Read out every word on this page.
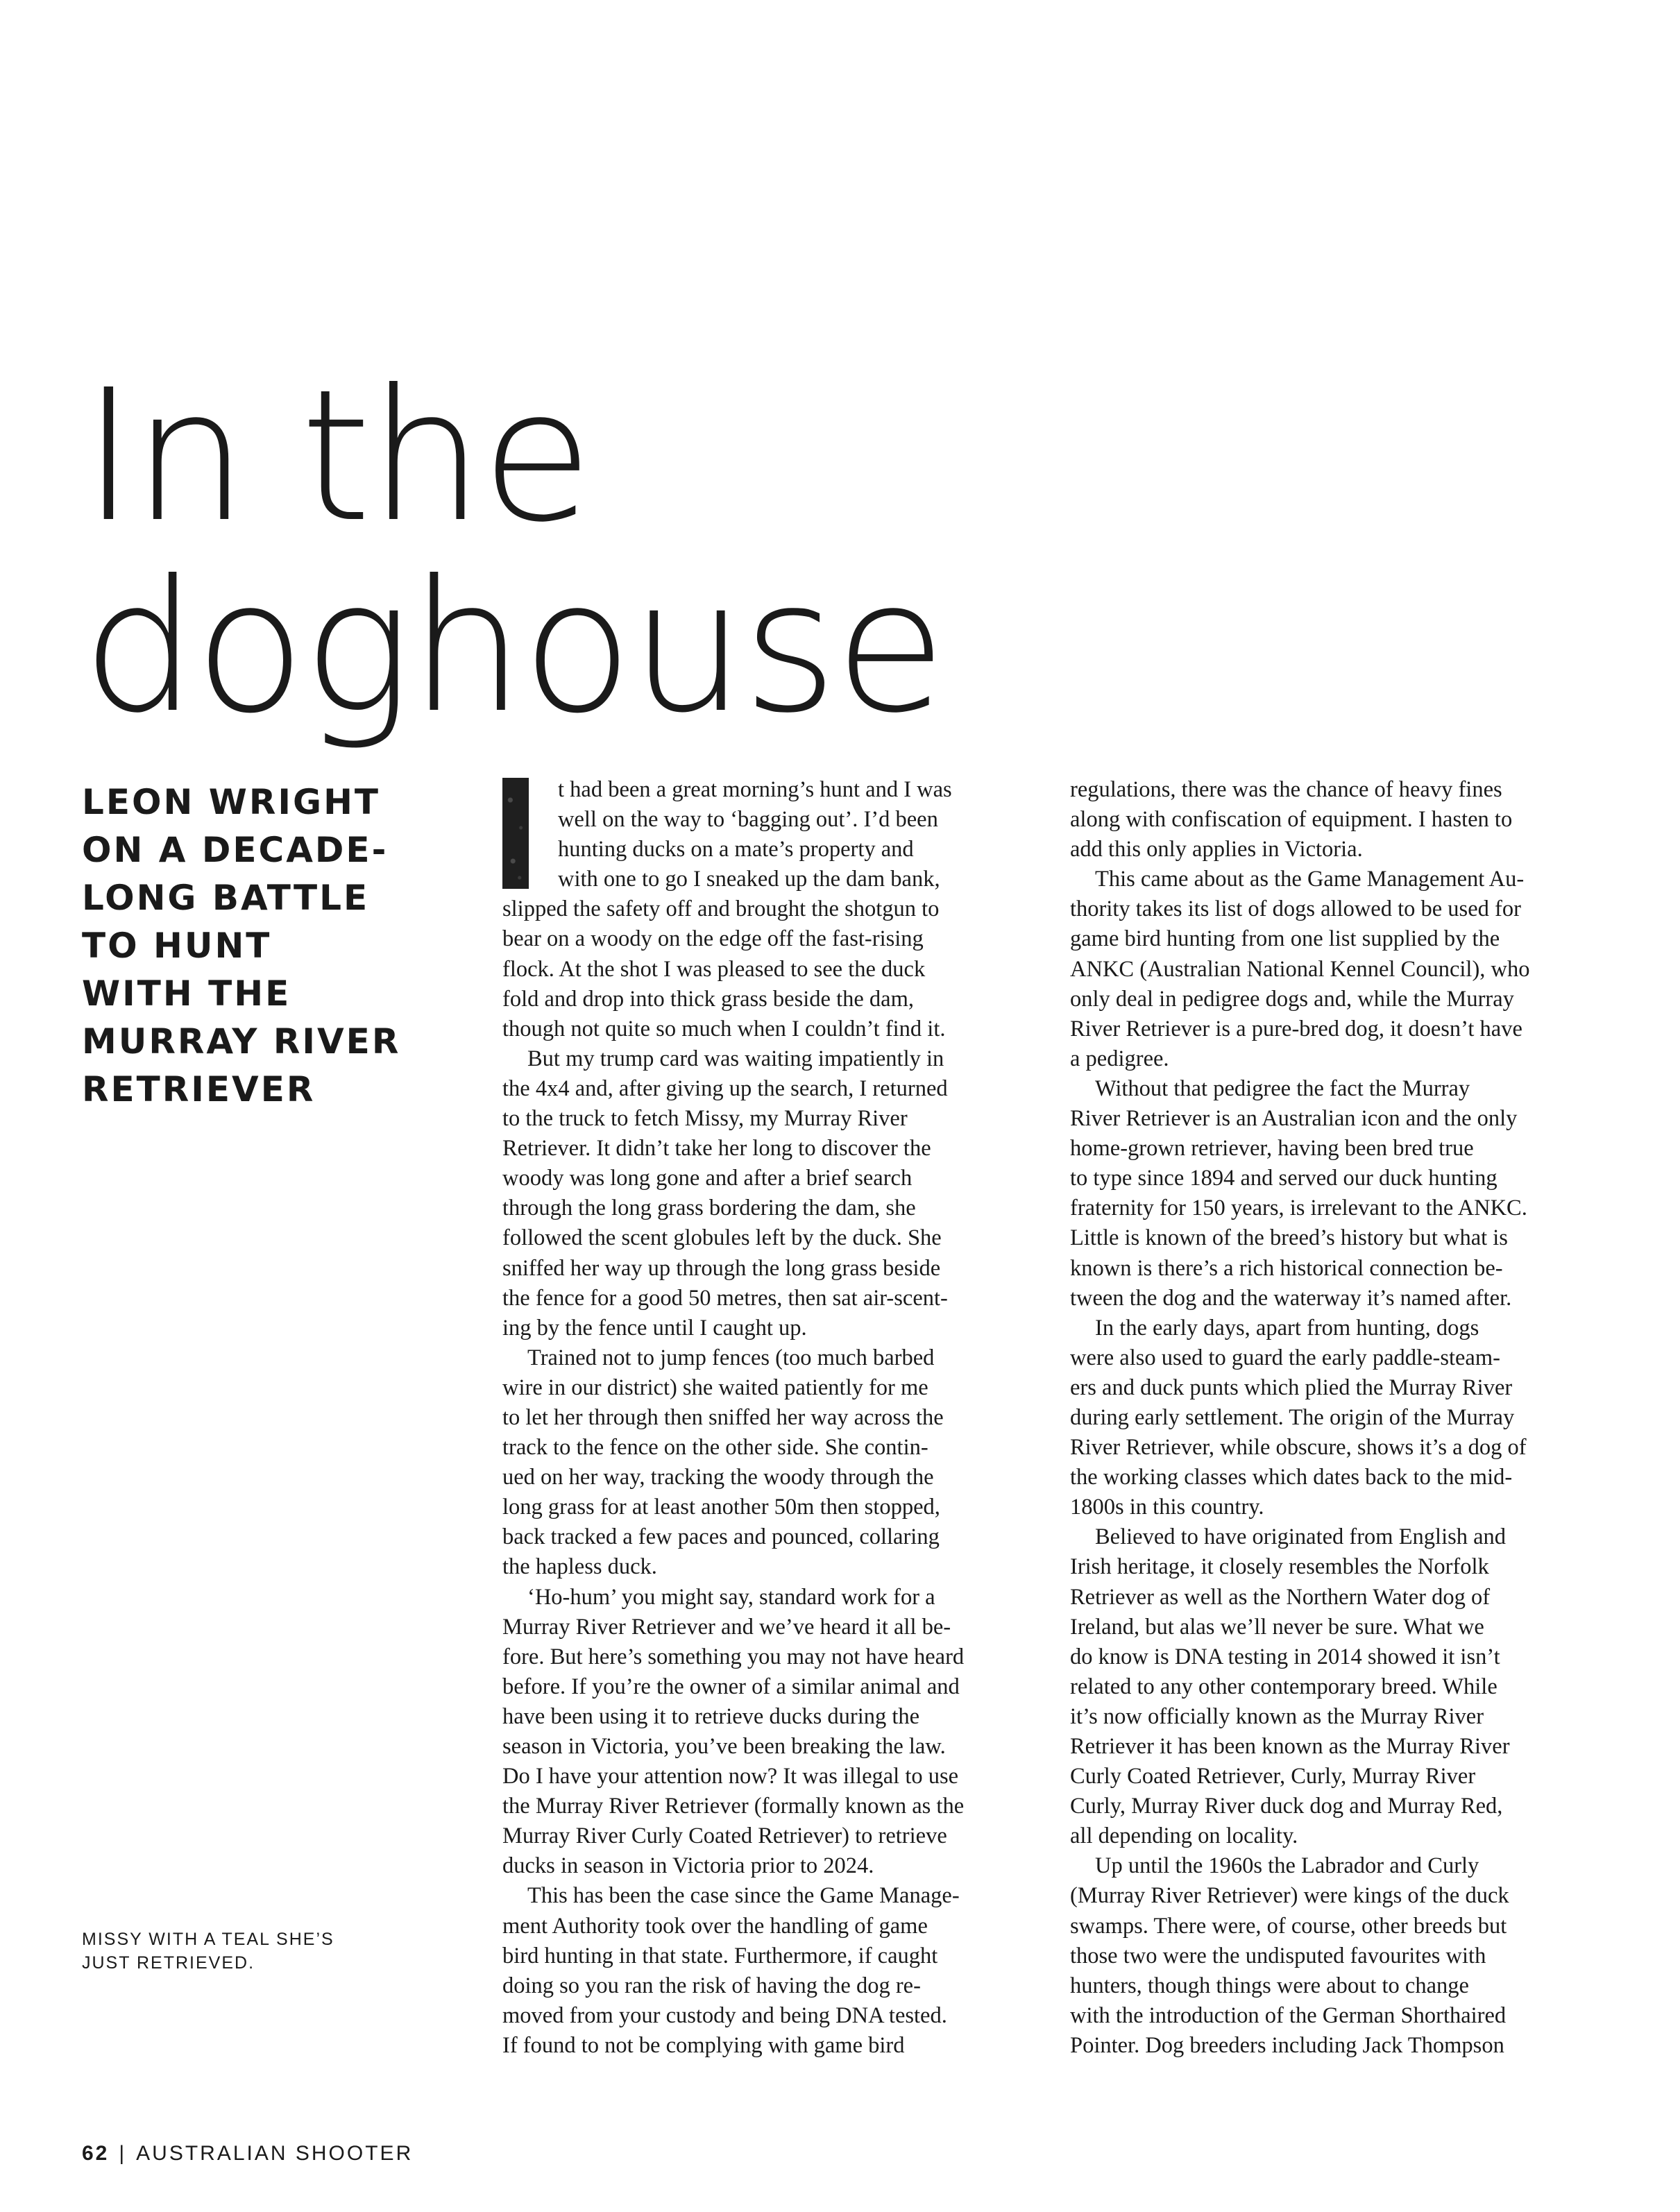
In the
doghouse
LEON WRIGHT
ON A DECADE-
LONG BATTLE
TO HUNT
WITH THE
MURRAY RIVER
RETRIEVER
MISSY WITH A TEAL SHE’S
JUST RETRIEVED.
t had been a great morning’s hunt and I was
well on the way to ‘bagging out’. I’d been
hunting ducks on a mate’s property and
with one to go I sneaked up the dam bank,
slipped the safety off and brought the shotgun to
bear on a woody on the edge off the fast-rising
flock. At the shot I was pleased to see the duck
fold and drop into thick grass beside the dam,
though not quite so much when I couldn’t find it.
But my trump card was waiting impatiently in
the 4x4 and, after giving up the search, I returned
to the truck to fetch Missy, my Murray River
Retriever. It didn’t take her long to discover the
woody was long gone and after a brief search
through the long grass bordering the dam, she
followed the scent globules left by the duck. She
sniffed her way up through the long grass beside
the fence for a good 50 metres, then sat air-scent-
ing by the fence until I caught up.
Trained not to jump fences (too much barbed
wire in our district) she waited patiently for me
to let her through then sniffed her way across the
track to the fence on the other side. She contin-
ued on her way, tracking the woody through the
long grass for at least another 50m then stopped,
back tracked a few paces and pounced, collaring
the hapless duck.
‘Ho-hum’ you might say, standard work for a
Murray River Retriever and we’ve heard it all be-
fore. But here’s something you may not have heard
before. If you’re the owner of a similar animal and
have been using it to retrieve ducks during the
season in Victoria, you’ve been breaking the law.
Do I have your attention now? It was illegal to use
the Murray River Retriever (formally known as the
Murray River Curly Coated Retriever) to retrieve
ducks in season in Victoria prior to 2024.
This has been the case since the Game Manage-
ment Authority took over the handling of game
bird hunting in that state. Furthermore, if caught
doing so you ran the risk of having the dog re-
moved from your custody and being DNA tested.
If found to not be complying with game bird
regulations, there was the chance of heavy fines
along with confiscation of equipment. I hasten to
add this only applies in Victoria.
This came about as the Game Management Au-
thority takes its list of dogs allowed to be used for
game bird hunting from one list supplied by the
ANKC (Australian National Kennel Council), who
only deal in pedigree dogs and, while the Murray
River Retriever is a pure-bred dog, it doesn’t have
a pedigree.
Without that pedigree the fact the Murray
River Retriever is an Australian icon and the only
home-grown retriever, having been bred true
to type since 1894 and served our duck hunting
fraternity for 150 years, is irrelevant to the ANKC.
Little is known of the breed’s history but what is
known is there’s a rich historical connection be-
tween the dog and the waterway it’s named after.
In the early days, apart from hunting, dogs
were also used to guard the early paddle-steam-
ers and duck punts which plied the Murray River
during early settlement. The origin of the Murray
River Retriever, while obscure, shows it’s a dog of
the working classes which dates back to the mid-
1800s in this country.
Believed to have originated from English and
Irish heritage, it closely resembles the Norfolk
Retriever as well as the Northern Water dog of
Ireland, but alas we’ll never be sure. What we
do know is DNA testing in 2014 showed it isn’t
related to any other contemporary breed. While
it’s now officially known as the Murray River
Retriever it has been known as the Murray River
Curly Coated Retriever, Curly, Murray River
Curly, Murray River duck dog and Murray Red,
all depending on locality.
Up until the 1960s the Labrador and Curly
(Murray River Retriever) were kings of the duck
swamps. There were, of course, other breeds but
those two were the undisputed favourites with
hunters, though things were about to change
with the introduction of the German Shorthaired
Pointer. Dog breeders including Jack Thompson
62 | AUSTRALIAN SHOOTER
